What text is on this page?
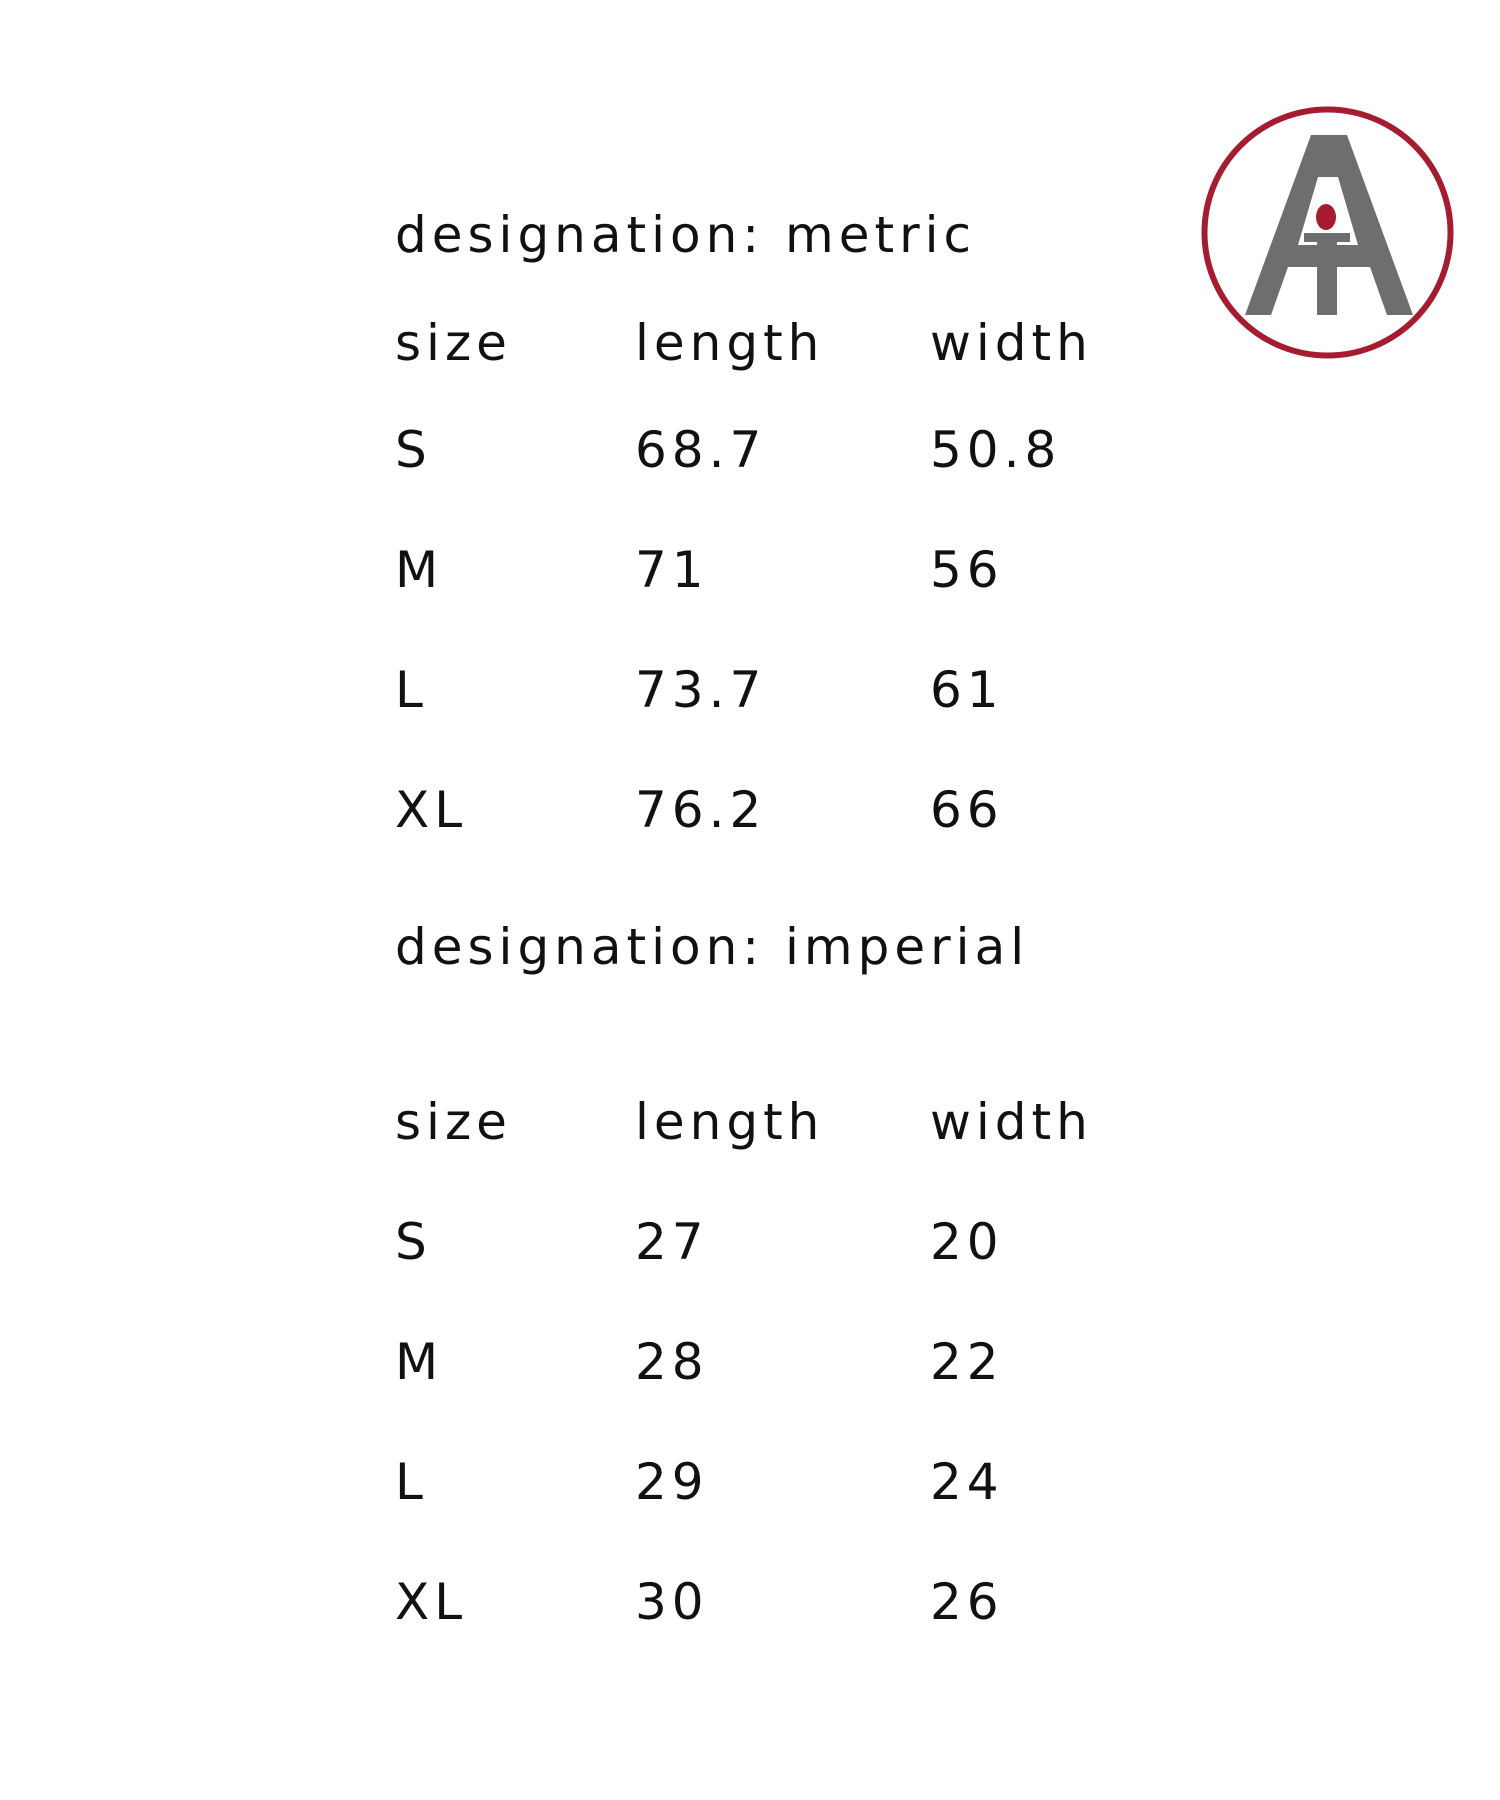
designation: metric
size	length	width
S	68.7	50.8
M	71	56
L	73.7	61
XL	76.2	66
designation: imperial
size	length	width
S	27	20
M	28	22
L	29	24
XL	30	26
